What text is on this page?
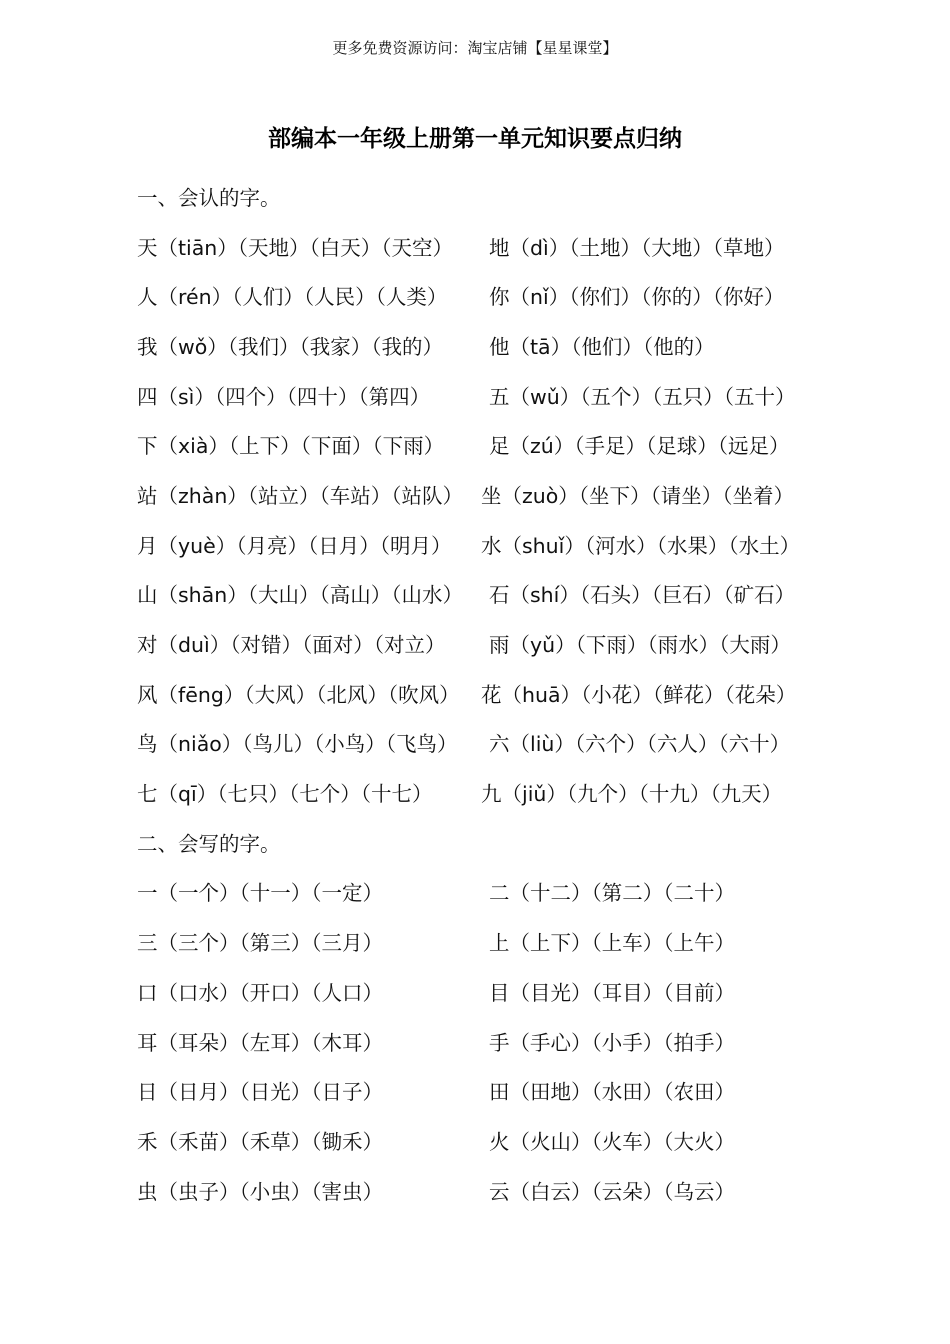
更多免费资源访问：淘宝店铺【星星课堂】
部编本一年级上册第一单元知识要点归纳
一、会认的字。
天（tiān）（天地）（白天）（天空）	地（dì）（土地）（大地）（草地）
人（rén）（人们）（人民）（人类）	你（nǐ）（你们）（你的）（你好）
我（wǒ）（我们）（我家）（我的）	他（tā）（他们）（他的）
四（sì）（四个）（四十）（第四）	五（wǔ）（五个）（五只）（五十）
下（xià）（上下）（下面）（下雨）	足（zú）（手足）（足球）（远足）
站（zhàn）（站立）（车站）（站队） 坐（zuò）（坐下）（请坐）（坐着）
月（yuè）（月亮）（日月）（明月）	水（shuǐ）（河水）（水果）（水土）
山（shān）（大山）（高山）（山水）	石（shí）（石头）（巨石）（矿石）
对（duì）（对错）（面对）（对立）	雨（yǔ）（下雨）（雨水）（大雨）
风（fēng）（大风）（北风）（吹风）	花（huā）（小花）（鲜花）（花朵）
鸟（niǎo）（鸟儿）（小鸟）（飞鸟）	六（liù）（六个）（六人）（六十）
七（qī）（七只）（七个）（十七）	九（jiǔ）（九个）（十九）（九天）
二、会写的字。
一（一个）（十一）（一定）	二（十二）（第二）（二十）
三（三个）（第三）（三月）	上（上下）（上车）（上午）
口（口水）（开口）（人口）	目（目光）（耳目）（目前）
耳（耳朵）（左耳）（木耳）	手（手心）（小手）（拍手）
日（日月）（日光）（日子）	田（田地）（水田）（农田）
禾（禾苗）（禾草）（锄禾）	火（火山）（火车）（大火）
虫（虫子）（小虫）（害虫）	云（白云）（云朵）（乌云）
